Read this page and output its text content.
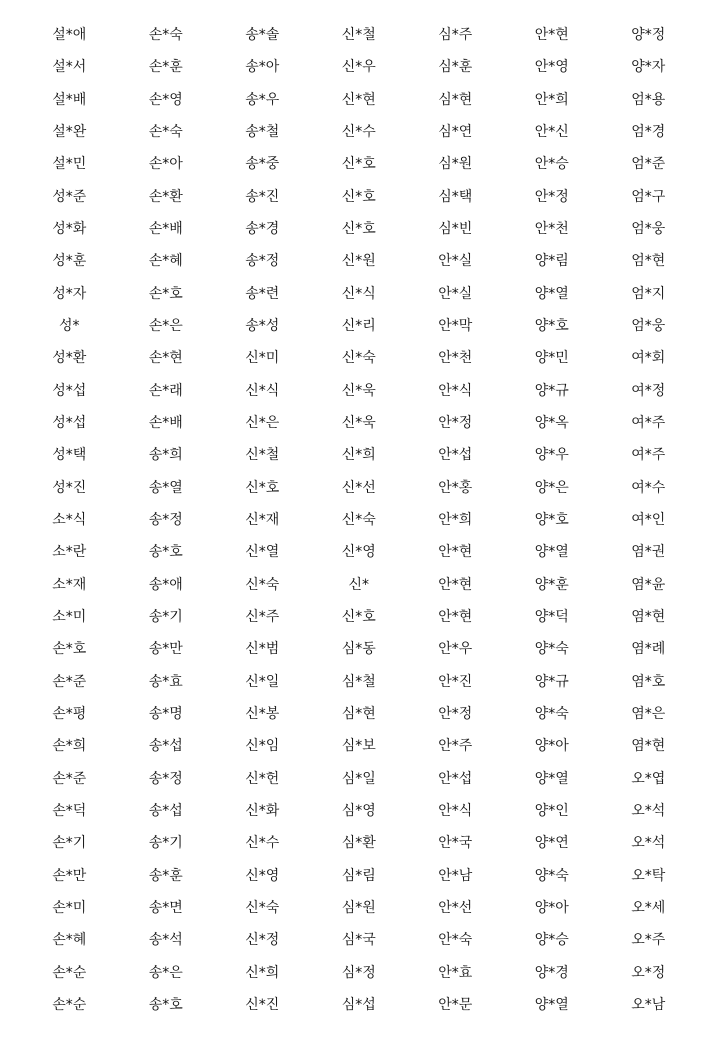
설*애	손*숙	송*솔	신*철	심*주	안*현	양*정
설*서	손*훈	송*아	신*우	심*훈	안*영	양*자
설*배	손*영	송*우	신*현	심*현	안*희	엄*용
설*완	손*숙	송*철	신*수	심*연	안*신	엄*경
설*민	손*아	송*중	신*호	심*원	안*승	엄*준
성*준	손*환	송*진	신*호	심*택	안*정	엄*구
성*화	손*배	송*경	신*호	심*빈	안*천	엄*웅
성*훈	손*혜	송*정	신*원	안*실	양*림	엄*현
성*자	손*호	송*련	신*식	안*실	양*열	엄*지
성*	손*은	송*성	신*리	안*막	양*호	엄*웅
성*환	손*현	신*미	신*숙	안*천	양*민	여*회
성*섭	손*래	신*식	신*욱	안*식	양*규	여*정
성*섭	손*배	신*은	신*욱	안*정	양*옥	여*주
성*택	송*희	신*철	신*희	안*섭	양*우	여*주
성*진	송*열	신*호	신*선	안*홍	양*은	여*수
소*식	송*정	신*재	신*숙	안*희	양*호	여*인
소*란	송*호	신*열	신*영	안*현	양*열	염*권
소*재	송*애	신*숙	신*	안*현	양*훈	염*윤
소*미	송*기	신*주	신*호	안*현	양*덕	염*현
손*호	송*만	신*범	심*동	안*우	양*숙	염*례
손*준	송*효	신*일	심*철	안*진	양*규	염*호
손*평	송*명	신*봉	심*현	안*정	양*숙	염*은
손*희	송*섭	신*임	심*보	안*주	양*아	염*현
손*준	송*정	신*헌	심*일	안*섭	양*열	오*엽
손*덕	송*섭	신*화	심*영	안*식	양*인	오*석
손*기	송*기	신*수	심*환	안*국	양*연	오*석
손*만	송*훈	신*영	심*림	안*남	양*숙	오*탁
손*미	송*면	신*숙	심*원	안*선	양*아	오*세
손*혜	송*석	신*정	심*국	안*숙	양*승	오*주
손*순	송*은	신*희	심*정	안*효	양*경	오*정
손*순	송*호	신*진	심*섭	안*문	양*열	오*남
